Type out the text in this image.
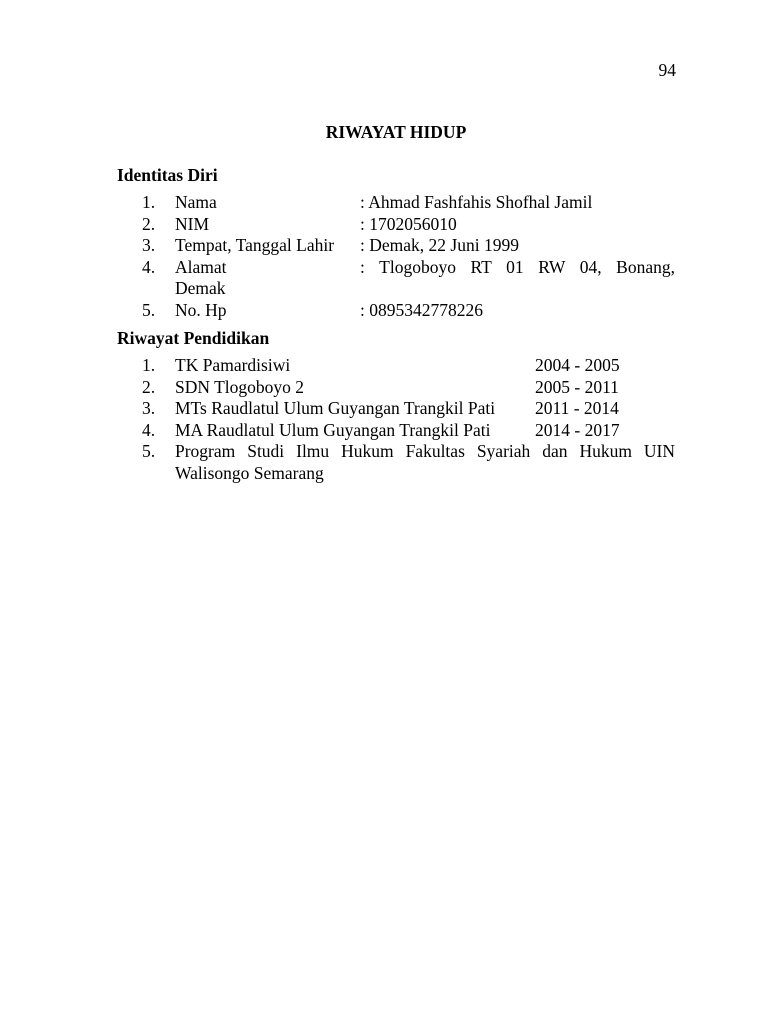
94
RIWAYAT HIDUP
Identitas Diri
1.	Nama	: Ahmad Fashfahis Shofhal Jamil
2.	NIM	: 1702056010
3.	Tempat, Tanggal Lahir	: Demak, 22 Juni 1999
4.	Alamat	: Tlogoboyo RT 01 RW 04, Bonang,
Demak
5.	No. Hp	: 0895342778226
Riwayat Pendidikan
1.	TK Pamardisiwi	2004 - 2005
2.	SDN Tlogoboyo 2	2005 - 2011
3.	MTs Raudlatul Ulum Guyangan Trangkil Pati	2011 - 2014
4.	MA Raudlatul Ulum Guyangan Trangkil Pati	2014 - 2017
5.	Program Studi Ilmu Hukum Fakultas Syariah dan Hukum UIN
Walisongo Semarang
